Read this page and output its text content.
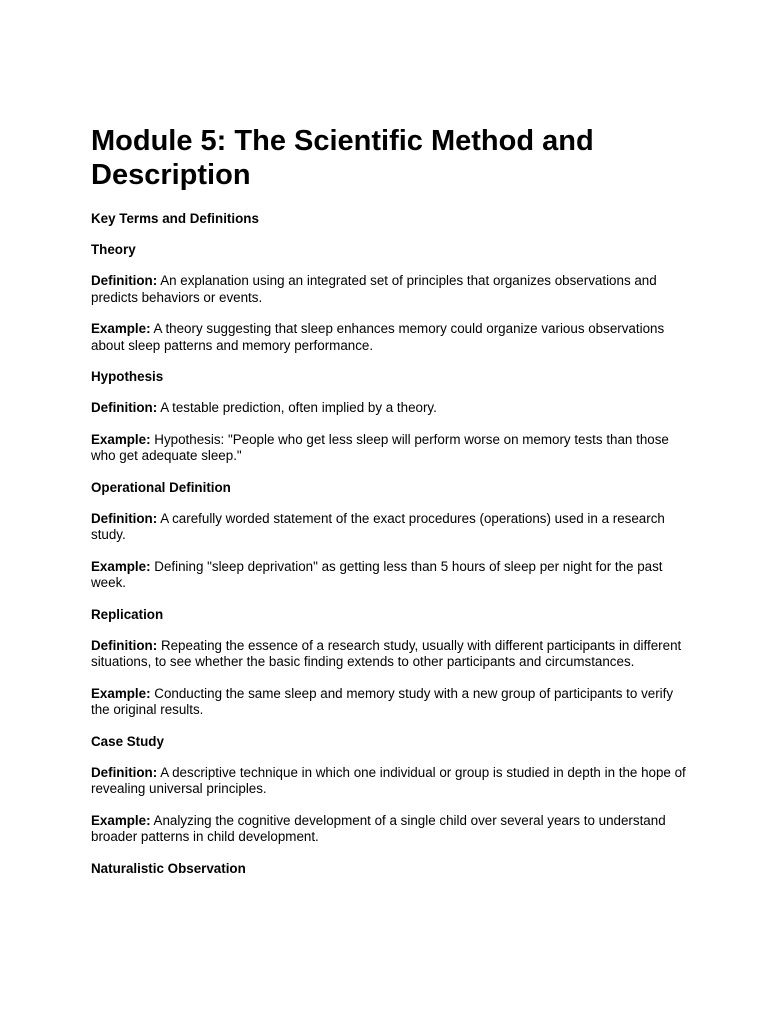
Module 5: The Scientific Method and Description
Key Terms and Definitions
Theory

Definition: An explanation using an integrated set of principles that organizes observations and predicts behaviors or events.

Example: A theory suggesting that sleep enhances memory could organize various observations about sleep patterns and memory performance.

Hypothesis

Definition: A testable prediction, often implied by a theory.

Example: Hypothesis: "People who get less sleep will perform worse on memory tests than those who get adequate sleep."

Operational Definition

Definition: A carefully worded statement of the exact procedures (operations) used in a research study.

Example: Defining "sleep deprivation" as getting less than 5 hours of sleep per night for the past week.

Replication

Definition: Repeating the essence of a research study, usually with different participants in different situations, to see whether the basic finding extends to other participants and circumstances.

Example: Conducting the same sleep and memory study with a new group of participants to verify the original results.

Case Study

Definition: A descriptive technique in which one individual or group is studied in depth in the hope of revealing universal principles.

Example: Analyzing the cognitive development of a single child over several years to understand broader patterns in child development.

Naturalistic Observation
